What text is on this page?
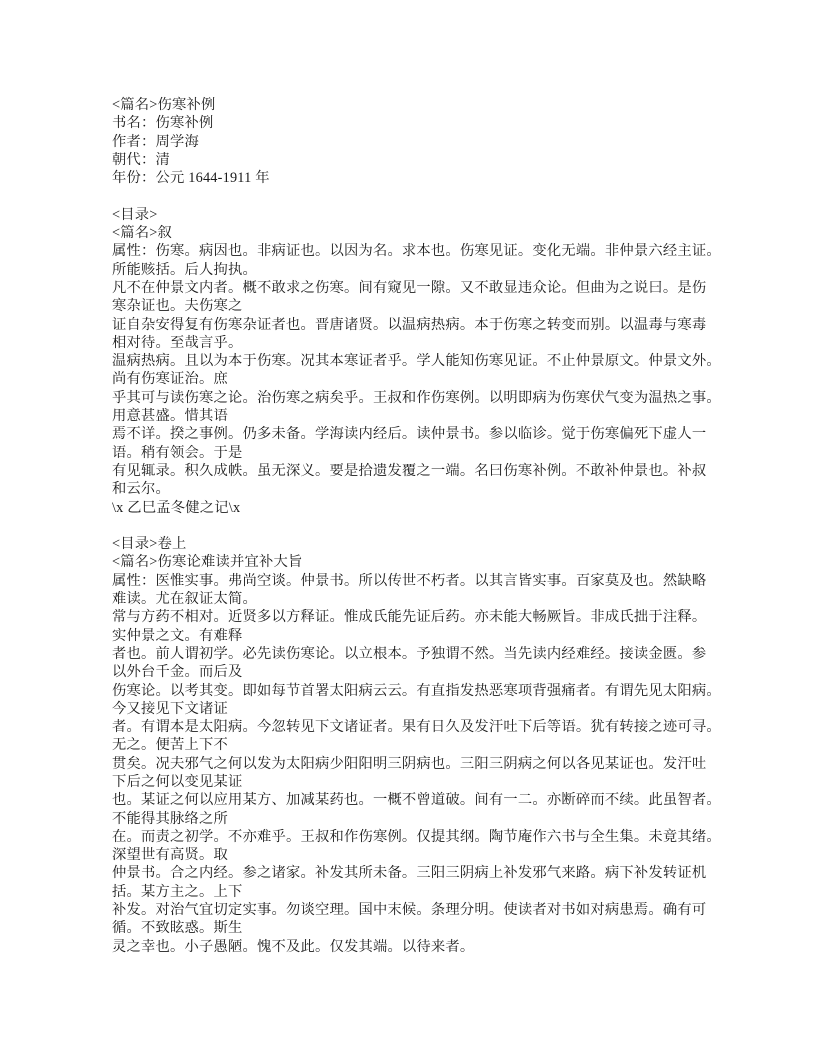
<篇名>伤寒补例
书名：伤寒补例
作者：周学海
朝代：清
年份：公元 1644-1911 年
<目录>
<篇名>叙
属性：伤寒。病因也。非病证也。以因为名。求本也。伤寒见证。变化无端。非仲景六经主证。
所能赅括。后人拘执。
凡不在仲景文内者。概不敢求之伤寒。间有窥见一隙。又不敢显违众论。但曲为之说曰。是伤
寒杂证也。夫伤寒之
证自杂安得复有伤寒杂证者也。晋唐诸贤。以温病热病。本于伤寒之转变而别。以温毒与寒毒
相对待。至哉言乎。
温病热病。且以为本于伤寒。况其本寒证者乎。学人能知伤寒见证。不止仲景原文。仲景文外。
尚有伤寒证治。庶
乎其可与读伤寒之论。治伤寒之病矣乎。王叔和作伤寒例。以明即病为伤寒伏气变为温热之事。
用意甚盛。惜其语
焉不详。揆之事例。仍多未备。学海读内经后。读仲景书。参以临诊。觉于伤寒偏死下虚人一
语。稍有领会。于是
有见辄录。积久成帙。虽无深义。要是拾遗发覆之一端。名曰伤寒补例。不敢补仲景也。补叔
和云尔。
\x 乙巳孟冬健之记\x
<目录>卷上
<篇名>伤寒论难读并宜补大旨
属性：医惟实事。弗尚空谈。仲景书。所以传世不朽者。以其言皆实事。百家莫及也。然缺略
难读。尤在叙证太简。
常与方药不相对。近贤多以方释证。惟成氏能先证后药。亦未能大畅厥旨。非成氏拙于注释。
实仲景之文。有难释
者也。前人谓初学。必先读伤寒论。以立根本。予独谓不然。当先读内经难经。接读金匮。参
以外台千金。而后及
伤寒论。以考其变。即如每节首署太阳病云云。有直指发热恶寒项背强痛者。有谓先见太阳病。
今又接见下文诸证
者。有谓本是太阳病。今忽转见下文诸证者。果有日久及发汗吐下后等语。犹有转接之迹可寻。
无之。便苦上下不
贯矣。况夫邪气之何以发为太阳病少阳阳明三阴病也。三阳三阴病之何以各见某证也。发汗吐
下后之何以变见某证
也。某证之何以应用某方、加减某药也。一概不曾道破。间有一二。亦断碎而不续。此虽智者。
不能得其脉络之所
在。而责之初学。不亦难乎。王叔和作伤寒例。仅提其纲。陶节庵作六书与全生集。未竟其绪。
深望世有高贤。取
仲景书。合之内经。参之诸家。补发其所未备。三阳三阴病上补发邪气来路。病下补发转证机
括。某方主之。上下
补发。对治气宜切定实事。勿谈空理。国中末候。条理分明。使读者对书如对病患焉。确有可
循。不致眩惑。斯生
灵之幸也。小子愚陋。愧不及此。仅发其端。以待来者。
